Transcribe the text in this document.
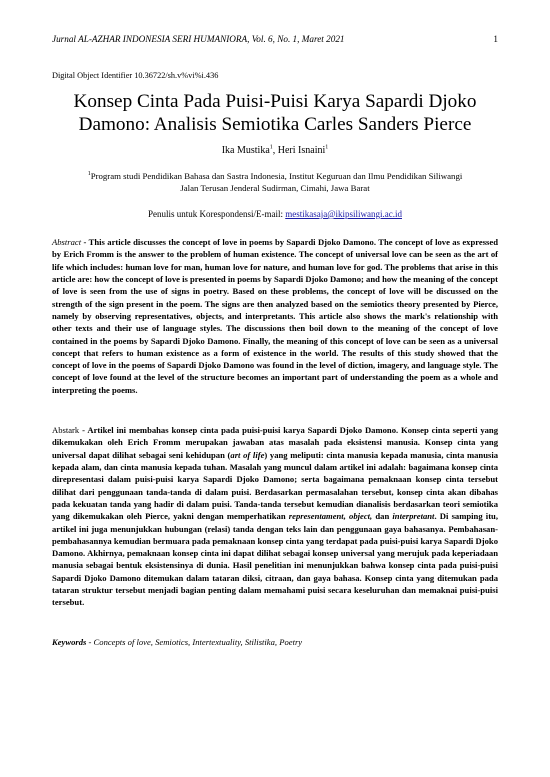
Jurnal AL-AZHAR INDONESIA SERI HUMANIORA, Vol. 6, No. 1, Maret 2021	1
Digital Object Identifier 10.36722/sh.v%vi%i.436
Konsep Cinta Pada Puisi-Puisi Karya Sapardi Djoko
Damono: Analisis Semiotika Carles Sanders Pierce
Ika Mustika$^1$, Heri Isnaini$^1$
$^1$Program studi Pendidikan Bahasa dan Sastra Indonesia, Institut Keguruan dan Ilmu Pendidikan Siliwangi
Jalan Terusan Jenderal Sudirman, Cimahi, Jawa Barat
Penulis untuk Korespondensi/E-mail: mestikasaja@ikipsiliwangi.ac.id

Abstract - This article discusses the concept of love in poems by Sapardi Djoko Damono. The concept of love as expressed by Erich Fromm is the answer to the problem of human existence. The concept of universal love can be seen as the art of life which includes: human love for man, human love for nature, and human love for god. The problems that arise in this article are: how the concept of love is presented in poems by Sapardi Djoko Damono; and how the meaning of the concept of love is seen from the use of signs in poetry. Based on these problems, the concept of love will be discussed on the strength of the sign present in the poem. The signs are then analyzed based on the semiotics theory presented by Pierce, namely by observing representatives, objects, and interpretants. This article also shows the mark's relationship with other texts and their use of language styles. The discussions then boil down to the meaning of the concept of love contained in the poems by Sapardi Djoko Damono. Finally, the meaning of this concept of love can be seen as a universal concept that refers to human existence as a form of existence in the world. The results of this study showed that the concept of love in the poems of Sapardi Djoko Damono was found in the level of diction, imagery, and language style. The concept of love found at the level of the structure becomes an important part of understanding the poem as a whole and interpreting the poems.

Abstark - Artikel ini membahas konsep cinta pada puisi-puisi karya Sapardi Djoko Damono. Konsep cinta seperti yang dikemukakan oleh Erich Fromm merupakan jawaban atas masalah pada eksistensi manusia. Konsep cinta yang universal dapat dilihat sebagai seni kehidupan (art of life) yang meliputi: cinta manusia kepada manusia, cinta manusia kepada alam, dan cinta manusia kepada tuhan. Masalah yang muncul dalam artikel ini adalah: bagaimana konsep cinta direpresentasi dalam puisi-puisi karya Sapardi Djoko Damono; serta bagaimana pemaknaan konsep cinta tersebut dilihat dari penggunaan tanda-tanda di dalam puisi. Berdasarkan permasalahan tersebut, konsep cinta akan dibahas pada kekuatan tanda yang hadir di dalam puisi. Tanda-tanda tersebut kemudian dianalisis berdasarkan teori semiotika yang dikemukakan oleh Pierce, yakni dengan memperhatikan representament, object, dan interpretant. Di samping itu, artikel ini juga menunjukkan hubungan (relasi) tanda dengan teks lain dan penggunaan gaya bahasanya. Pembahasan-pembahasannya kemudian bermuara pada pemaknaan konsep cinta yang terdapat pada puisi-puisi karya Sapardi Djoko Damono. Akhirnya, pemaknaan konsep cinta ini dapat dilihat sebagai konsep universal yang merujuk pada keperiadaan manusia sebagai bentuk eksistensinya di dunia. Hasil penelitian ini menunjukkan bahwa konsep cinta pada puisi-puisi Sapardi Djoko Damono ditemukan dalam tataran diksi, citraan, dan gaya bahasa. Konsep cinta yang ditemukan pada tataran struktur tersebut menjadi bagian penting dalam memahami puisi secara keseluruhan dan memaknai puisi-puisi tersebut.

Keywords - Concepts of love, Semiotics, Intertextuality, Stilistika, Poetry
